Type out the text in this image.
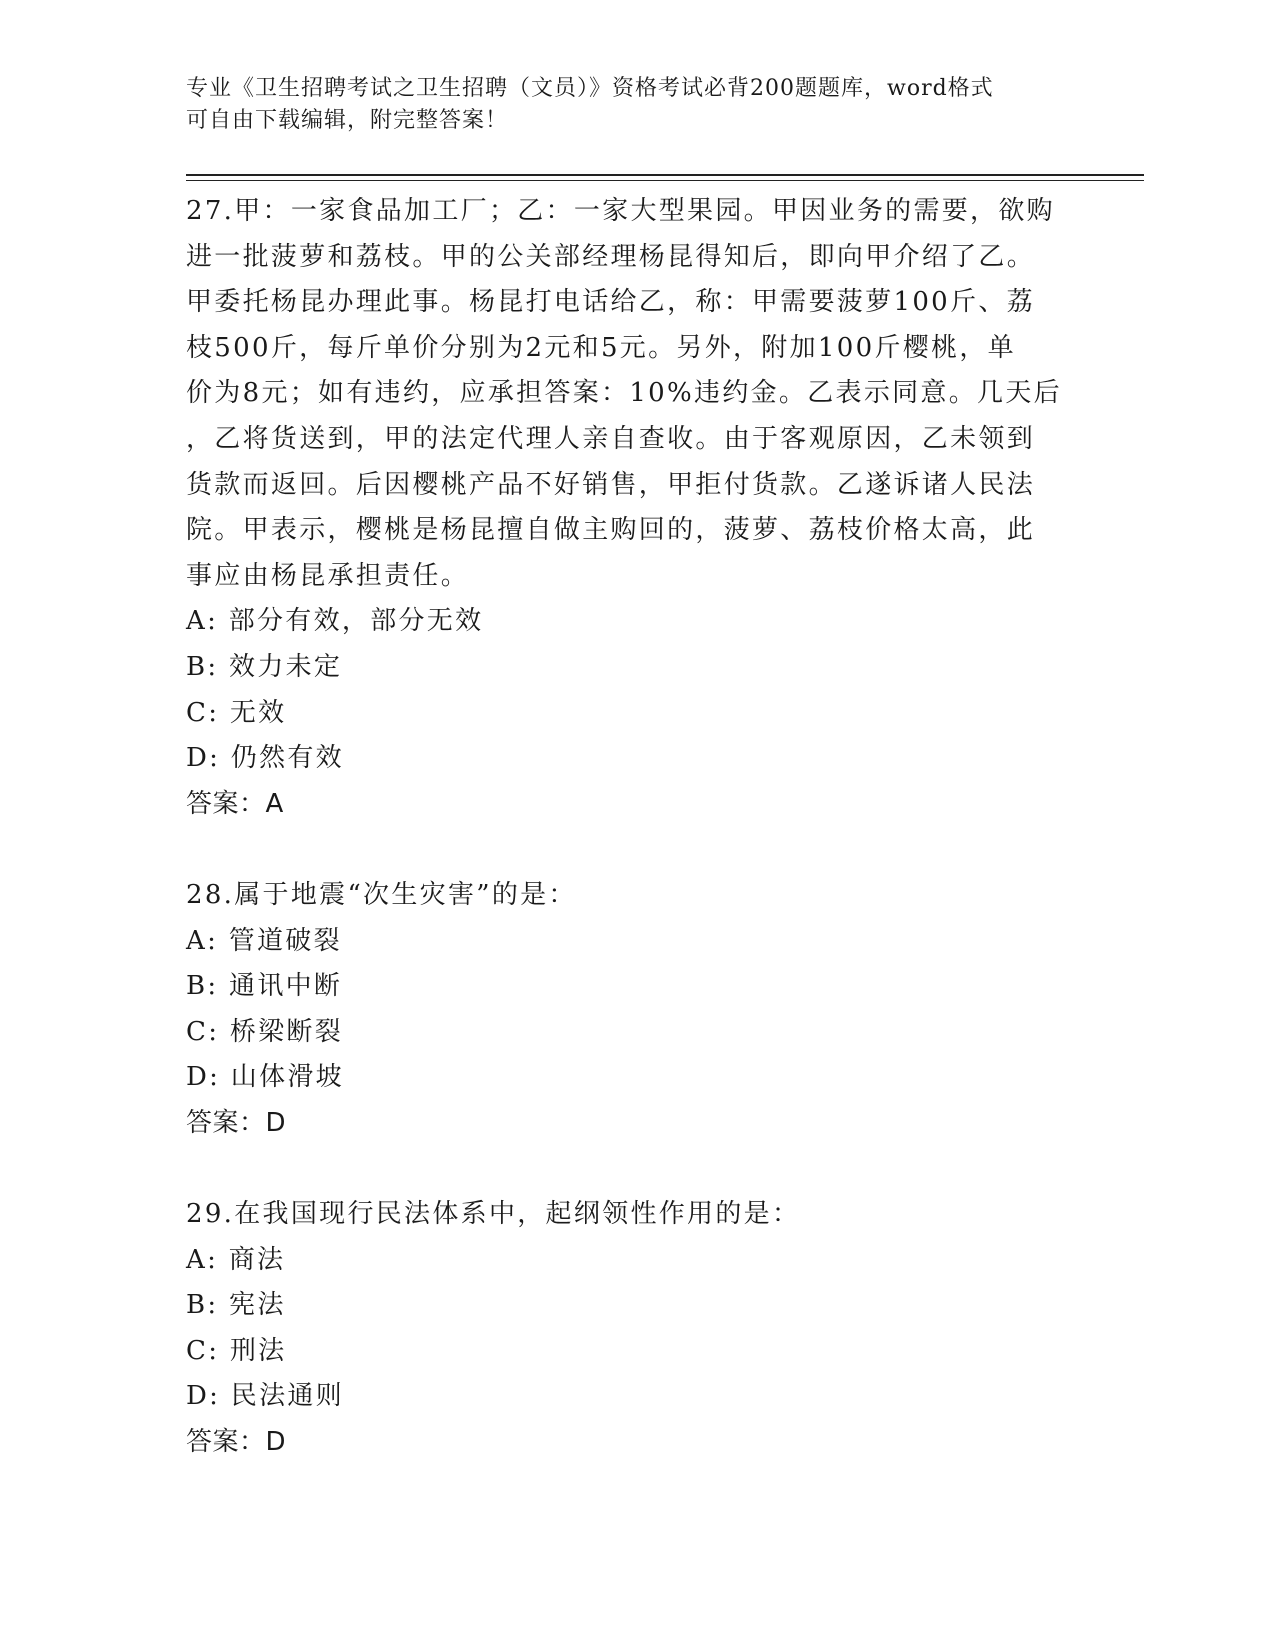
专业《卫生招聘考试之卫生招聘（文员）》资格考试必背200题题库，word格式
可自由下载编辑，附完整答案！
27.甲：一家食品加工厂；乙：一家大型果园。甲因业务的需要，欲购
进一批菠萝和荔枝。甲的公关部经理杨昆得知后，即向甲介绍了乙。
甲委托杨昆办理此事。杨昆打电话给乙，称：甲需要菠萝100斤、荔
枝500斤，每斤单价分别为2元和5元。另外，附加100斤樱桃，单
价为8元；如有违约，应承担答案：10%违约金。乙表示同意。几天后
，乙将货送到，甲的法定代理人亲自查收。由于客观原因，乙未领到
货款而返回。后因樱桃产品不好销售，甲拒付货款。乙遂诉诸人民法
院。甲表示，樱桃是杨昆擅自做主购回的，菠萝、荔枝价格太高，此
事应由杨昆承担责任。
A: 部分有效，部分无效
B: 效力未定
C: 无效
D: 仍然有效
答案：A
28.属于地震“次生灾害”的是：
A: 管道破裂
B: 通讯中断
C: 桥梁断裂
D: 山体滑坡
答案：D
29.在我国现行民法体系中，起纲领性作用的是：
A: 商法
B: 宪法
C: 刑法
D: 民法通则
答案：D
